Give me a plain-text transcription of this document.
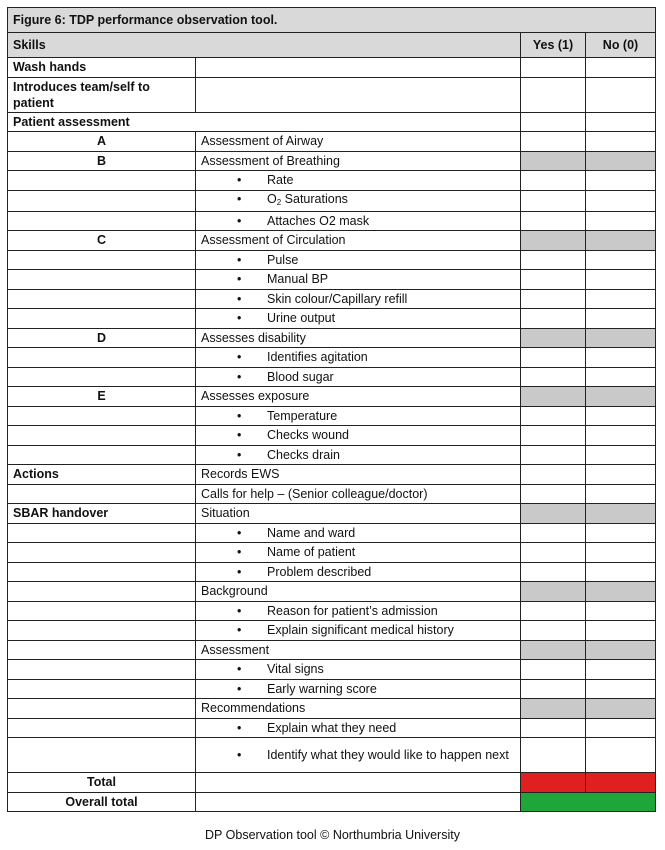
Figure 6: TDP performance observation tool.			
Skills		Yes (1)	No (0)
Wash hands			
Introduces team/self to patient			
Patient assessment			
A	Assessment of Airway		
B	Assessment of Breathing		

	• Rate		

	• $O_2$ Saturations		

	• Attaches O2 mask		

C	Assessment of Circulation		

	• Pulse		

	• Manual BP		

	• Skin colour/Capillary refill		

	• Urine output		

D	Assesses disability		

	• Identifies agitation		

	• Blood sugar		

E	Assesses exposure		

	• Temperature		

	• Checks wound		

	• Checks drain		

Actions	Records EWS		
	Calls for help – (Senior colleague/doctor)		
SBAR handover	Situation		

	• Name and ward		

	• Name of patient		

	• Problem described		

	Background		

	• Reason for patient’s admission		

	• Explain significant medical history		

	Assessment		

	• Vital signs		

	• Early warning score		

	Recommendations		

	• Explain what they need		

	• Identify what they would like to happen next		

Total			
Overall total			
DP Observation tool © Northumbria University
